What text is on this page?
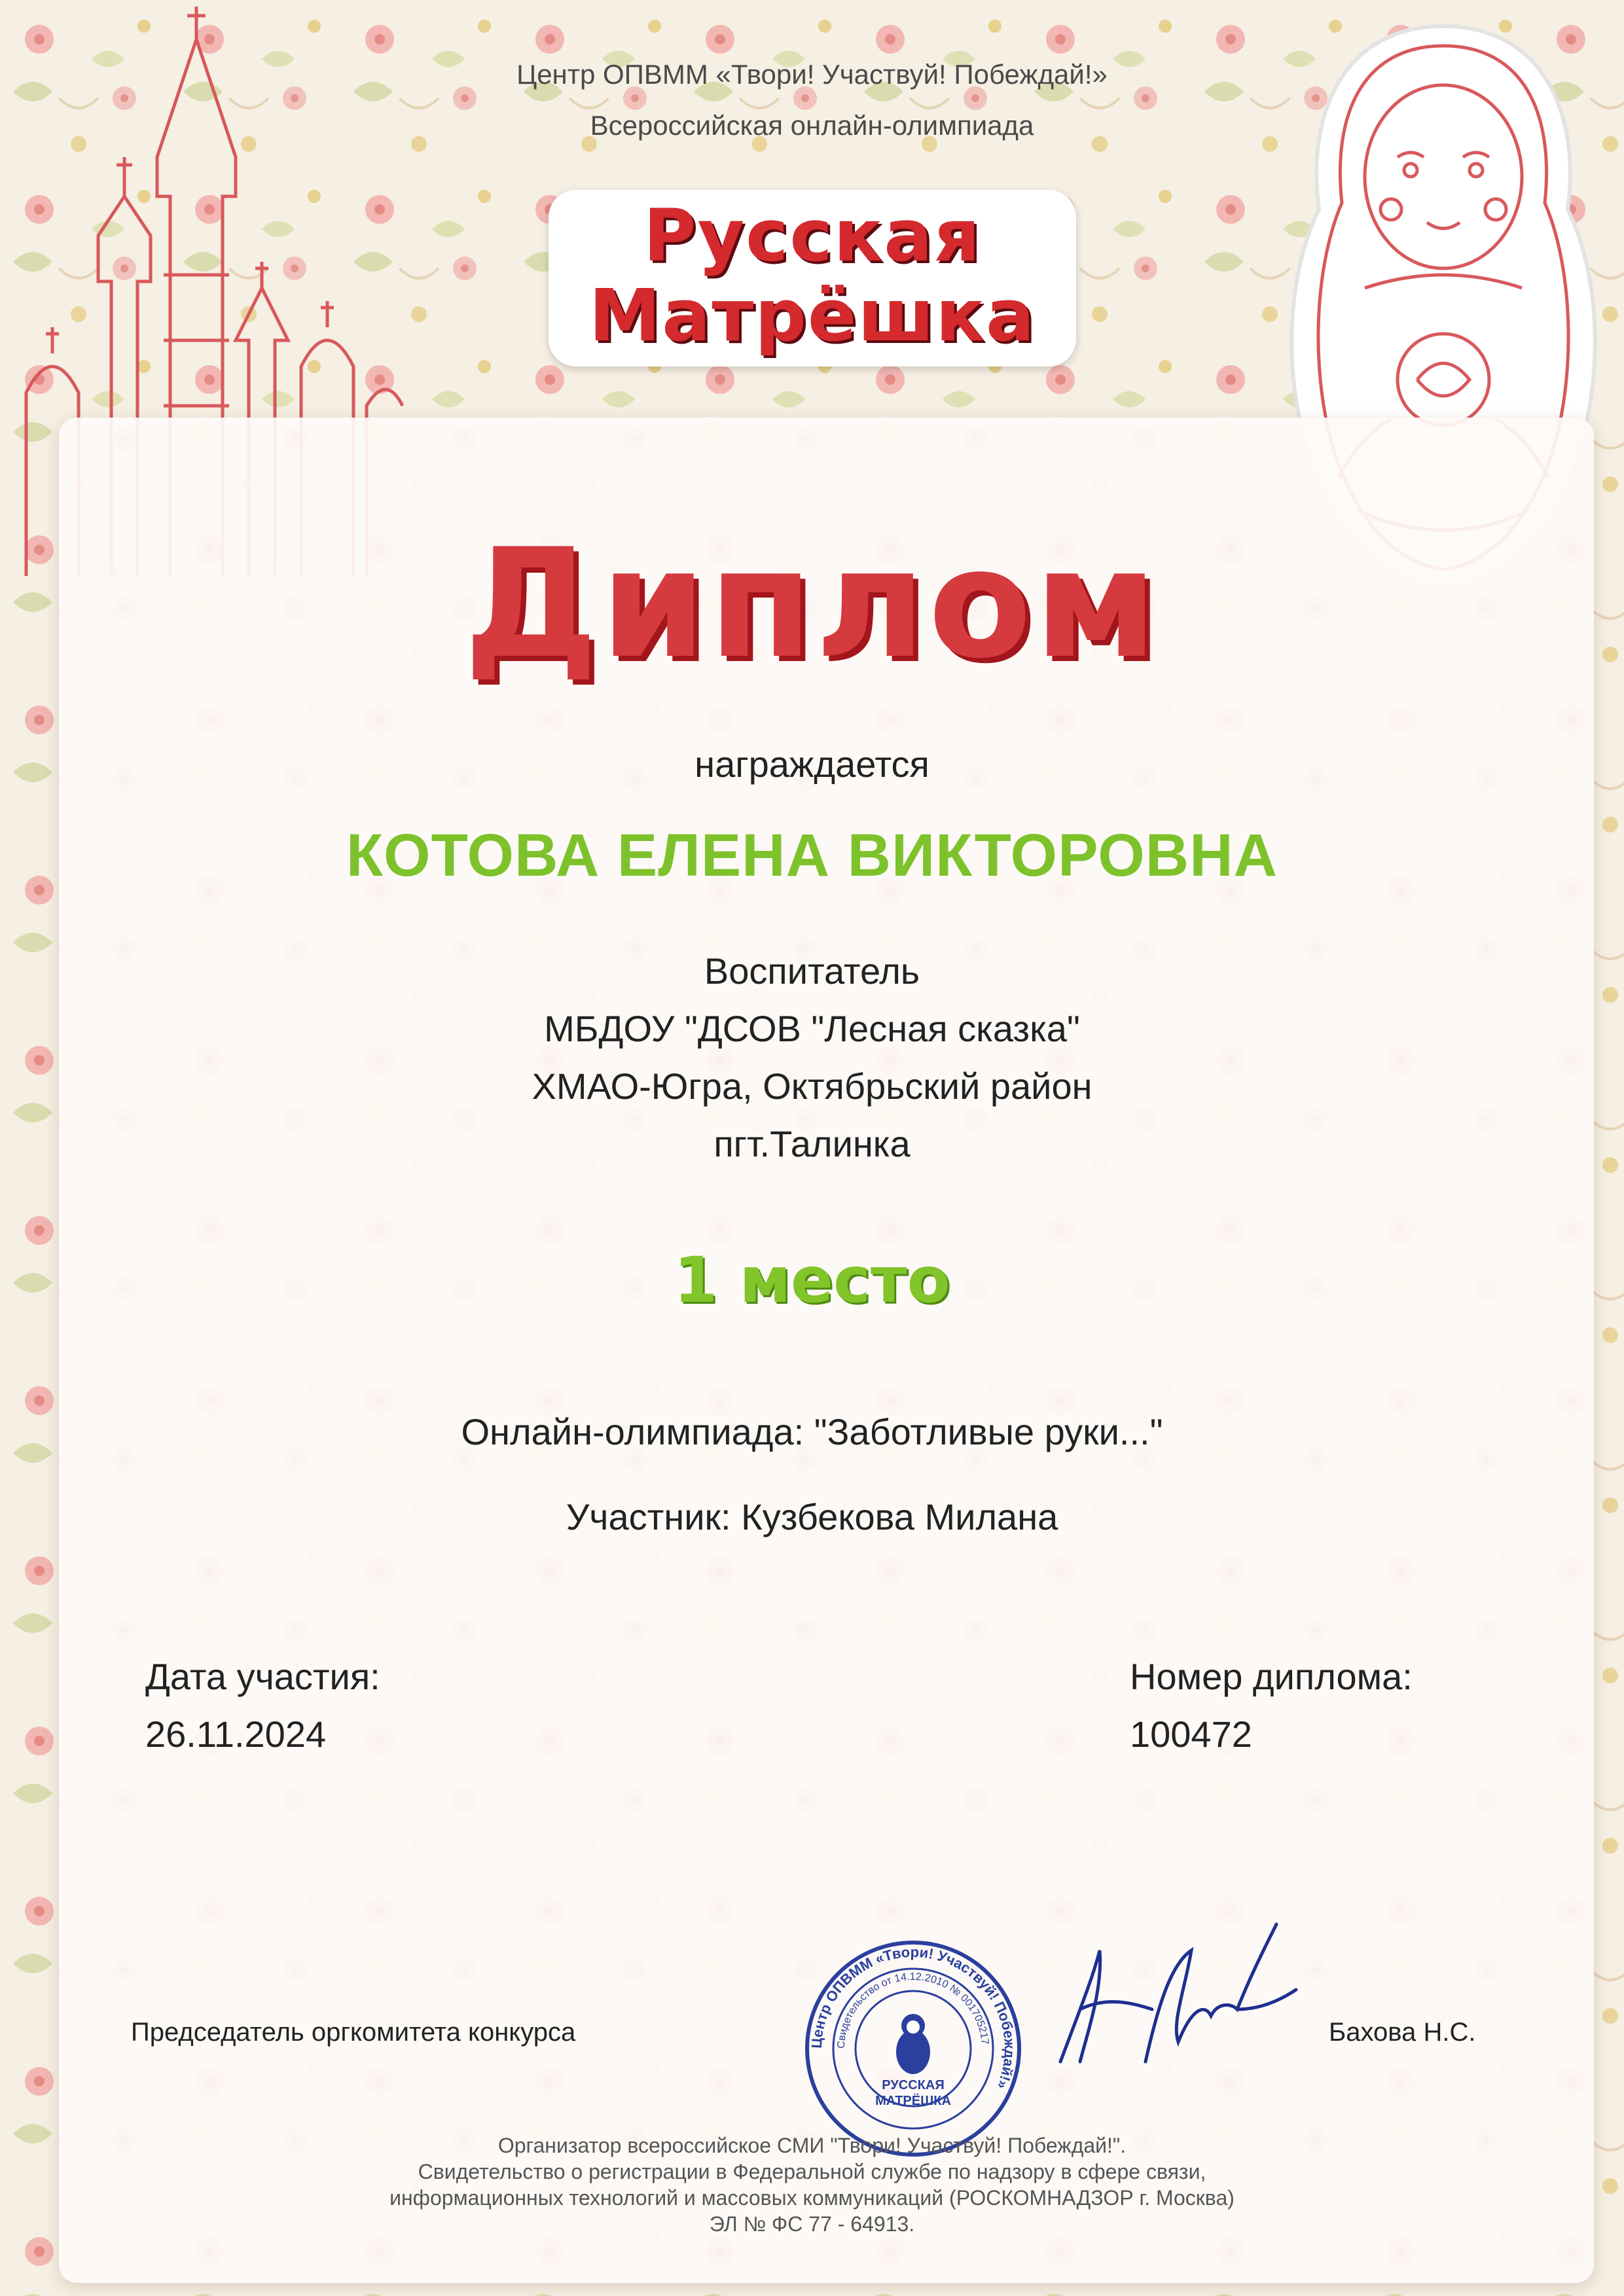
Центр ОПВММ «Твори! Участвуй! Побеждай!»
Всероссийская онлайн-олимпиада
Русская
Матрёшка
Диплом
награждается
КОТОВА ЕЛЕНА ВИКТОРОВНА
Воспитатель
МБДОУ "ДСОВ "Лесная сказка"
ХМАО-Югра, Октябрьский район
пгт.Талинка
1 место
Онлайн-олимпиада: "Заботливые руки..."
Участник: Кузбекова Милана
Дата участия:
26.11.2024
Номер диплома:
100472
Председатель оргкомитета конкурса	Бахова Н.С.
Центр ОПВММ «Твори! Участвуй! Побеждай!»
Свидетельство от 14.12.2010 № 001705217
РУССКАЯ
МАТРЁШКА
Организатор всероссийское СМИ "Твори! Участвуй! Побеждай!".
Свидетельство о регистрации в Федеральной службе по надзору в сфере связи,
информационных технологий и массовых коммуникаций (РОСКОМНАДЗОР г. Москва)
ЭЛ № ФС 77 - 64913.
